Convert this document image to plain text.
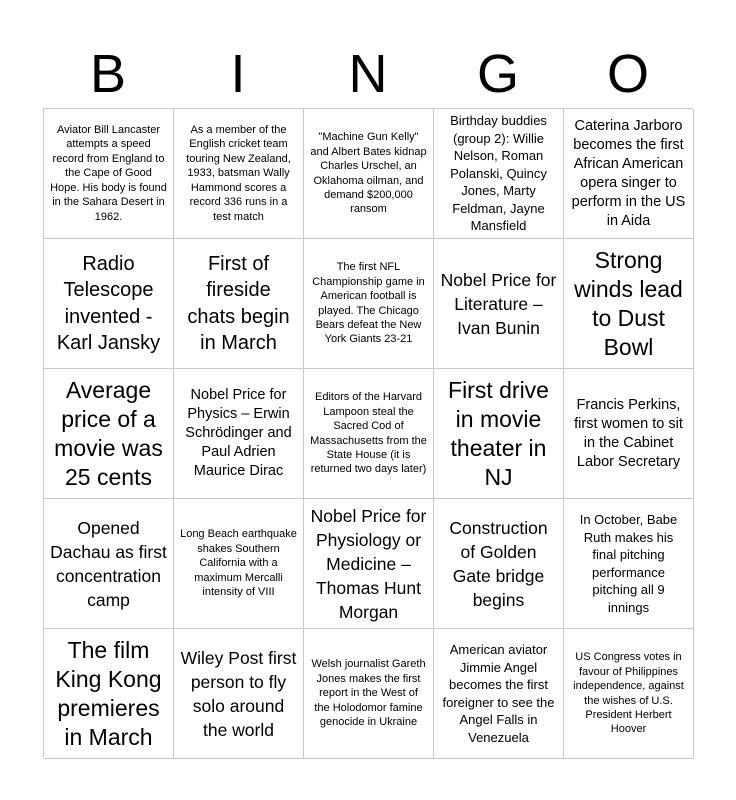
B	I	N	G	O
Aviator Bill Lancaster attempts a speed record from England to the Cape of Good Hope. His body is found in the Sahara Desert in 1962.
As a member of the English cricket team touring New Zealand, 1933, batsman Wally Hammond scores a record 336 runs in a test match
"Machine Gun Kelly" and Albert Bates kidnap Charles Urschel, an Oklahoma oilman, and demand $200,000 ransom
Birthday buddies (group 2): Willie Nelson, Roman Polanski, Quincy Jones, Marty Feldman, Jayne Mansfield
Caterina Jarboro becomes the first African American opera singer to perform in the US in Aida
Radio Telescope invented - Karl Jansky
First of fireside chats begin in March
The first NFL Championship game in American football is played. The Chicago Bears defeat the New York Giants 23-21
Nobel Price for Literature – Ivan Bunin
Strong winds lead to Dust Bowl
Average price of a movie was 25 cents
Nobel Price for Physics – Erwin Schrödinger and Paul Adrien Maurice Dirac
Editors of the Harvard Lampoon steal the Sacred Cod of Massachusetts from the State House (it is returned two days later)
First drive in movie theater in NJ
Francis Perkins, first women to sit in the Cabinet Labor Secretary
Opened Dachau as first concentration camp
Long Beach earthquake shakes Southern California with a maximum Mercalli intensity of VIII
Nobel Price for Physiology or Medicine – Thomas Hunt Morgan
Construction of Golden Gate bridge begins
In October, Babe Ruth makes his final pitching performance pitching all 9 innings
The film King Kong premieres in March
Wiley Post first person to fly solo around the world
Welsh journalist Gareth Jones makes the first report in the West of the Holodomor famine genocide in Ukraine
American aviator Jimmie Angel becomes the first foreigner to see the Angel Falls in Venezuela
US Congress votes in favour of Philippines independence, against the wishes of U.S. President Herbert Hoover
